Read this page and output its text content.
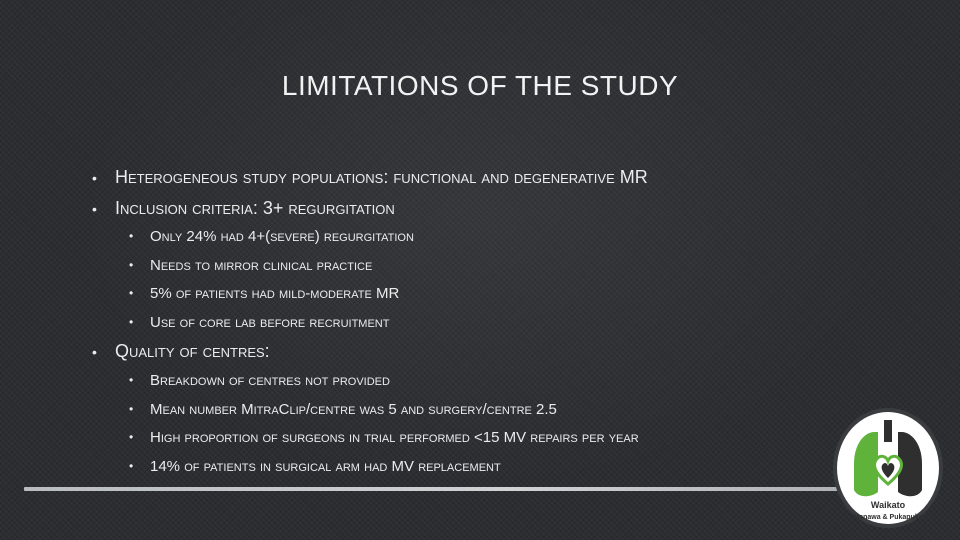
LIMITATIONS OF THE STUDY
• Heterogeneous study populations: functional and degenerative MR
• Inclusion criteria: 3+ regurgitation
• Only 24% had 4+(severe) regurgitation
• Needs to mirror clinical practice
• 5% of patients had mild-moderate MR
• Use of core lab before recruitment
• Quality of centres:
• Breakdown of centres not provided
• Mean number MitraClip/centre was 5 and surgery/centre 2.5
• High proportion of surgeons in trial performed <15 MV repairs per year
• 14% of patients in surgical arm had MV replacement
Waikato
Manawa & Pukapuka
